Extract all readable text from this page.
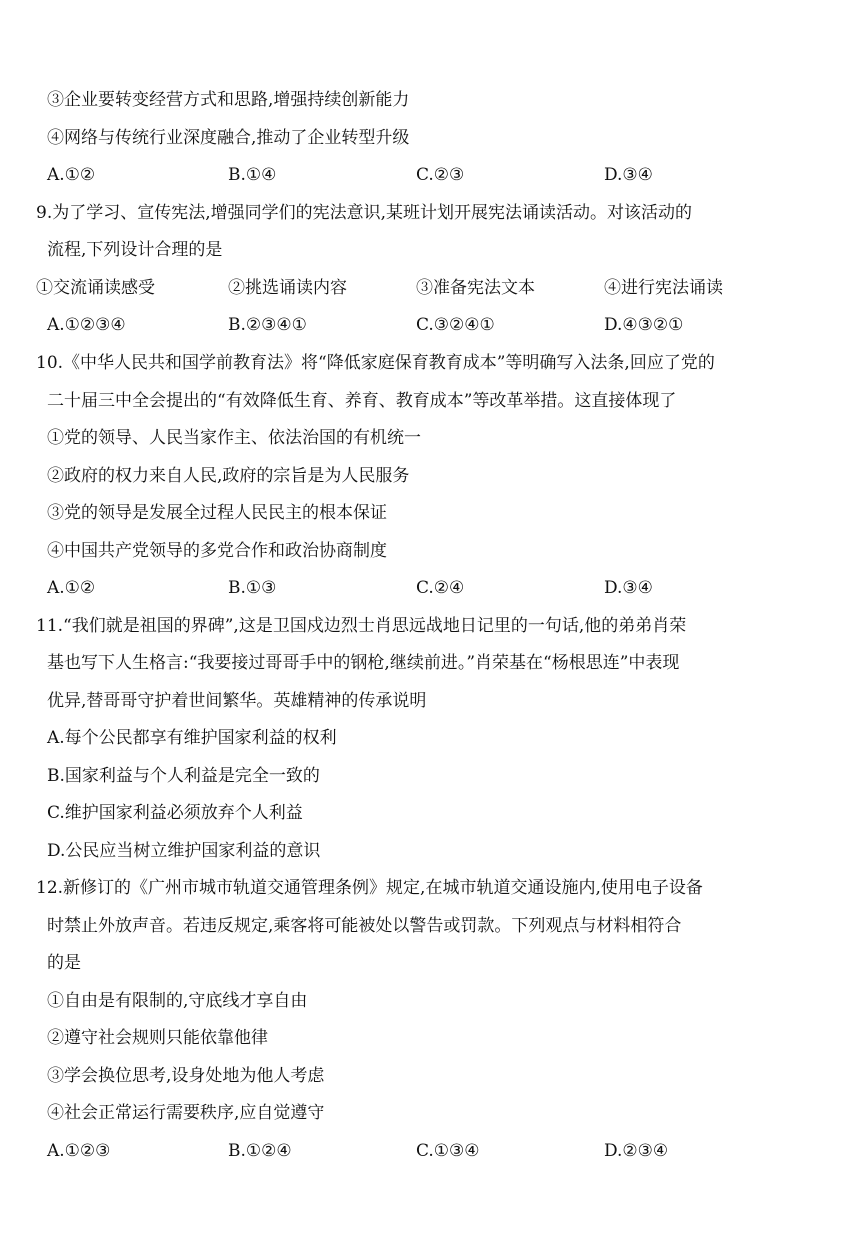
③企业要转变经营方式和思路,增强持续创新能力
④网络与传统行业深度融合,推动了企业转型升级
A.①②	B.①④	C.②③	D.③④
9.为了学习、宣传宪法,增强同学们的宪法意识,某班计划开展宪法诵读活动。对该活动的
流程,下列设计合理的是
①交流诵读感受	②挑选诵读内容	③准备宪法文本	④进行宪法诵读
A.①②③④	B.②③④①	C.③②④①	D.④③②①
10.《中华人民共和国学前教育法》将“降低家庭保育教育成本”等明确写入法条,回应了党的
二十届三中全会提出的“有效降低生育、养育、教育成本”等改革举措。这直接体现了
①党的领导、人民当家作主、依法治国的有机统一
②政府的权力来自人民,政府的宗旨是为人民服务
③党的领导是发展全过程人民民主的根本保证
④中国共产党领导的多党合作和政治协商制度
A.①②	B.①③	C.②④	D.③④
11.“我们就是祖国的界碑”,这是卫国戍边烈士肖思远战地日记里的一句话,他的弟弟肖荣
基也写下人生格言:“我要接过哥哥手中的钢枪,继续前进。”肖荣基在“杨根思连”中表现
优异,替哥哥守护着世间繁华。英雄精神的传承说明
A.每个公民都享有维护国家利益的权利
B.国家利益与个人利益是完全一致的
C.维护国家利益必须放弃个人利益
D.公民应当树立维护国家利益的意识
12.新修订的《广州市城市轨道交通管理条例》规定,在城市轨道交通设施内,使用电子设备
时禁止外放声音。若违反规定,乘客将可能被处以警告或罚款。下列观点与材料相符合
的是
①自由是有限制的,守底线才享自由
②遵守社会规则只能依靠他律
③学会换位思考,设身处地为他人考虑
④社会正常运行需要秩序,应自觉遵守
A.①②③	B.①②④	C.①③④	D.②③④
